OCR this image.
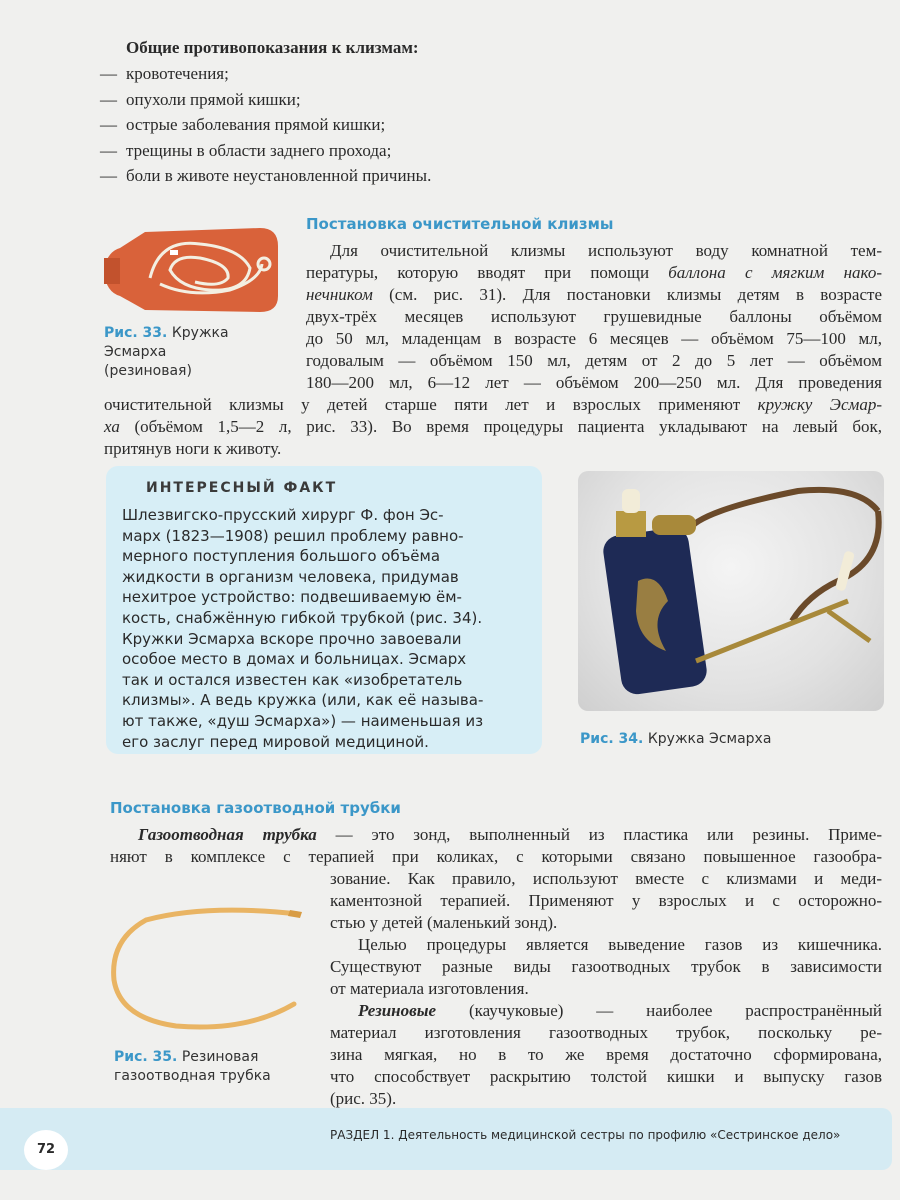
Общие противопоказания к клизмам:
— кровотечения;
— опухоли прямой кишки;
— острые заболевания прямой кишки;
— трещины в области заднего прохода;
— боли в животе неустановленной причины.
Рис. 33. Кружка
Эсмарха
(резиновая)
Постановка очистительной клизмы
Для очистительной клизмы используют воду комнатной тем-
пературы, которую вводят при помощи баллона с мягким нако-
нечником (см. рис. 31). Для постановки клизмы детям в возрасте
двух-трёх месяцев используют грушевидные баллоны объёмом
до 50 мл, младенцам в возрасте 6 месяцев — объёмом 75—100 мл,
годовалым — объёмом 150 мл, детям от 2 до 5 лет — объёмом
180—200 мл, 6—12 лет — объёмом 200—250 мл. Для проведения
очистительной клизмы у детей старше пяти лет и взрослых применяют кружку Эсмар-
ха (объёмом 1,5—2 л, рис. 33). Во время процедуры пациента укладывают на левый бок,
притянув ноги к животу.
ИНТЕРЕСНЫЙ ФАКТ
Шлезвигско-прусский хирург Ф. фон Эс-
марх (1823—1908) решил проблему равно-
мерного поступления большого объёма
жидкости в организм человека, придумав
нехитрое устройство: подвешиваемую ём-
кость, снабжённую гибкой трубкой (рис. 34).
Кружки Эсмарха вскоре прочно завоевали
особое место в домах и больницах. Эсмарх
так и остался известен как «изобретатель
клизмы». А ведь кружка (или, как её называ-
ют также, «душ Эсмарха») — наименьшая из
его заслуг перед мировой медициной.	Рис. 34. Кружка Эсмарха
Постановка газоотводной трубки
Газоотводная трубка — это зонд, выполненный из пластика или резины. Приме-
няют в комплексе с терапией при коликах, с которыми связано повышенное газообра-
зование. Как правило, используют вместе с клизмами и меди-
каментозной терапией. Применяют у взрослых и с осторожно-
стью у детей (маленький зонд).
Целью процедуры является выведение газов из кишечника.
Существуют разные виды газоотводных трубок в зависимости
от материала изготовления.
Резиновые (каучуковые) — наиболее распространённый
материал изготовления газоотводных трубок, поскольку ре-
зина мягкая, но в то же время достаточно сформирована,
что способствует раскрытию толстой кишки и выпуску газов
(рис. 35).
Рис. 35. Резиновая
газоотводная трубка
72
РАЗДЕЛ 1. Деятельность медицинской сестры по профилю «Сестринское дело»
